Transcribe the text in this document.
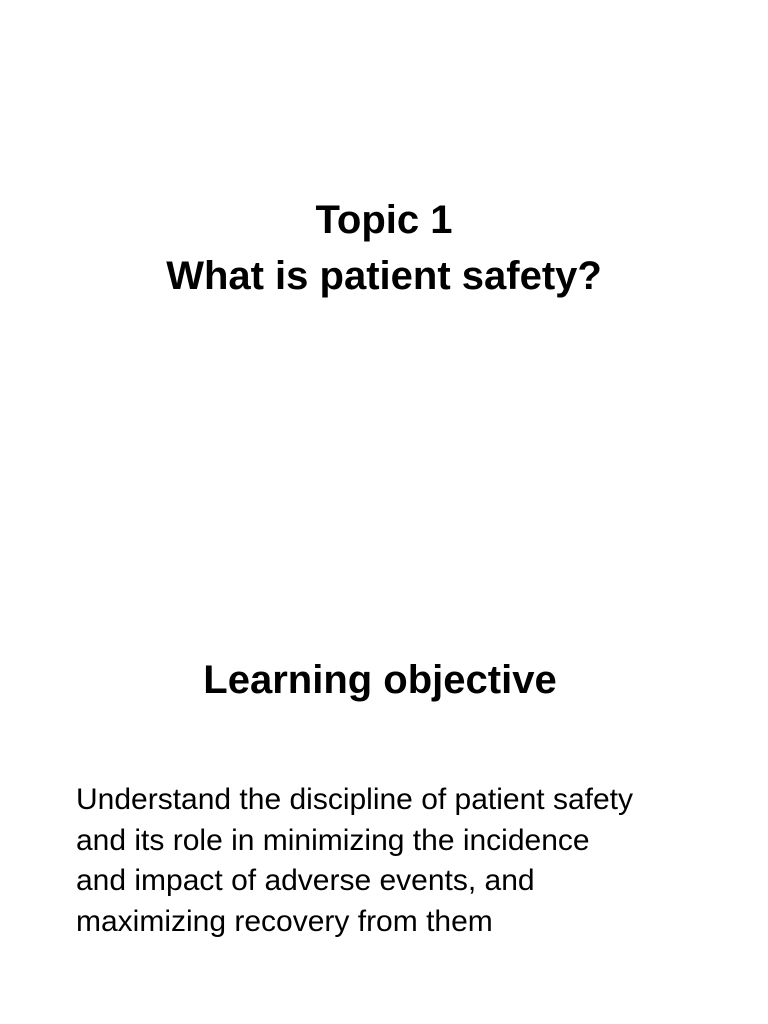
Topic 1
What is patient safety?
Learning objective
Understand the discipline of patient safety
and its role in minimizing the incidence
and impact of adverse events, and
maximizing recovery from them
